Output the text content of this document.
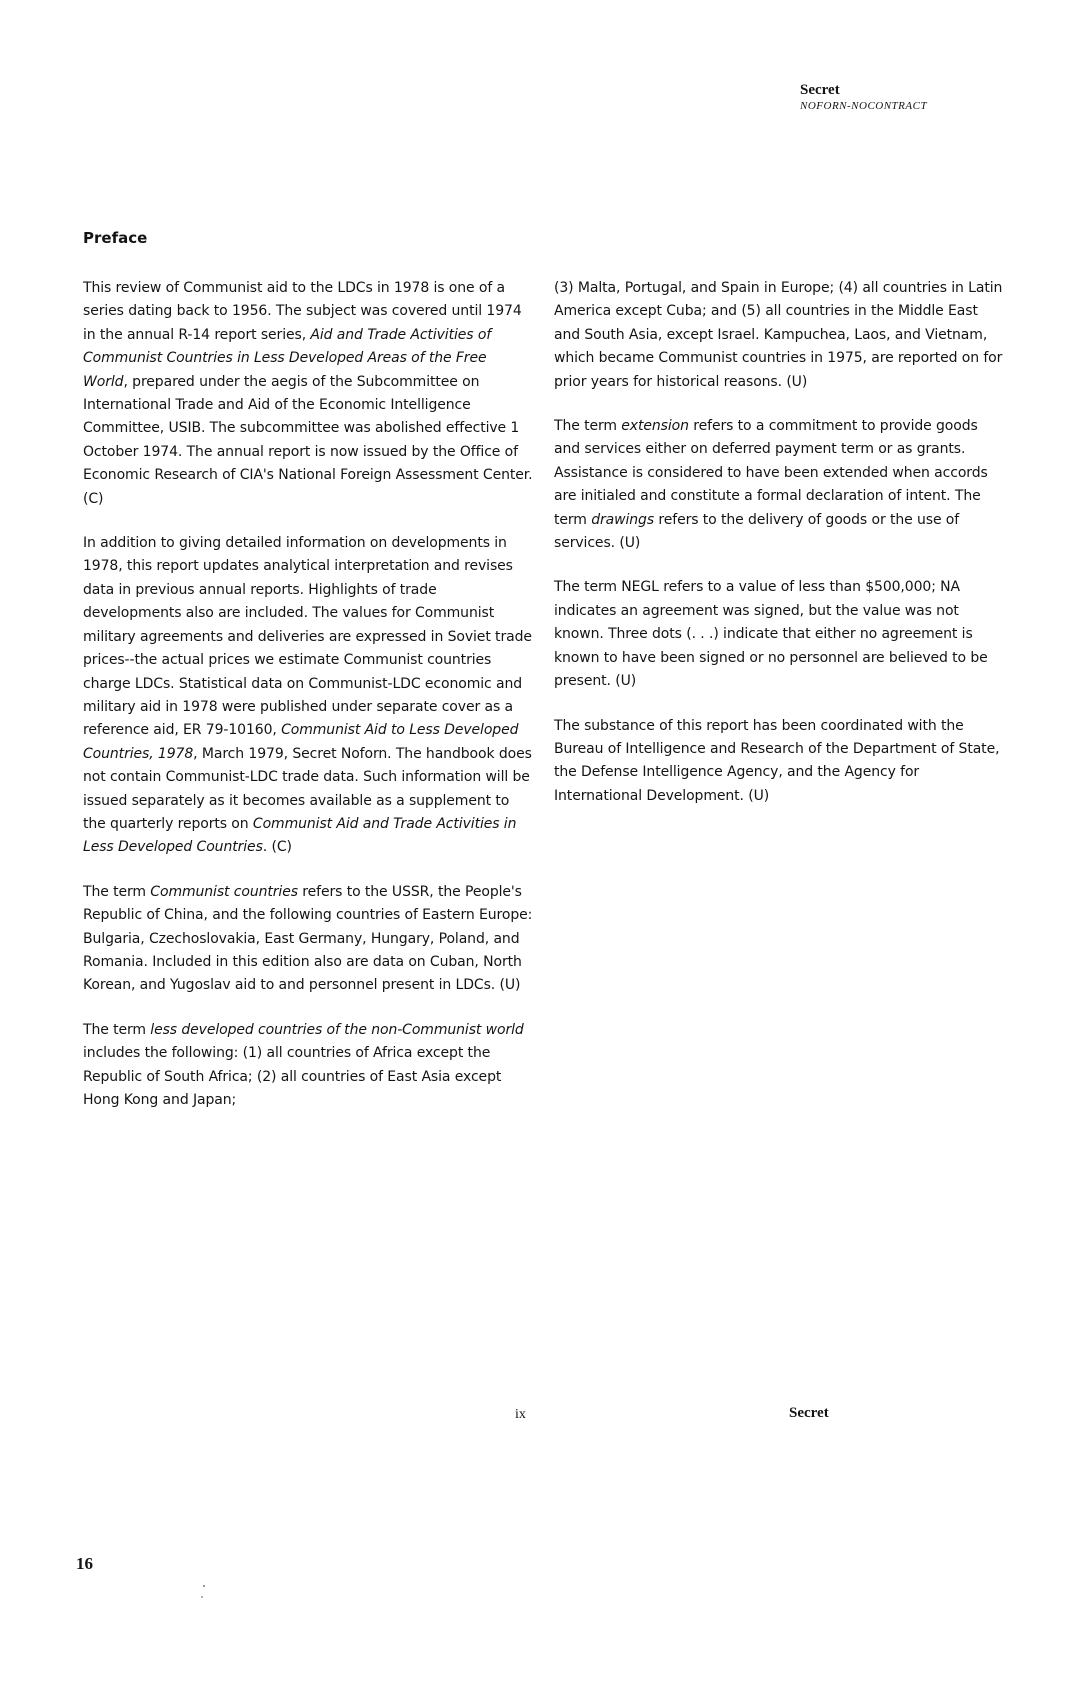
Secret
NOFORN-NOCONTRACT
Preface

This review of Communist aid to the LDCs in 1978 is one of a series dating back to 1956. The subject was covered until 1974 in the annual R-14 report series, Aid and Trade Activities of Communist Countries in Less Developed Areas of the Free World, prepared under the aegis of the Subcommittee on International Trade and Aid of the Economic Intelligence Committee, USIB. The subcommittee was abolished effective 1 October 1974. The annual report is now issued by the Office of Economic Research of CIA's National Foreign Assessment Center. (C)

In addition to giving detailed information on developments in 1978, this report updates analytical interpretation and revises data in previous annual reports. Highlights of trade developments also are included. The values for Communist military agreements and deliveries are expressed in Soviet trade prices--the actual prices we estimate Communist countries charge LDCs. Statistical data on Communist-LDC economic and military aid in 1978 were published under separate cover as a reference aid, ER 79-10160, Communist Aid to Less Developed Countries, 1978, March 1979, Secret Noforn. The handbook does not contain Communist-LDC trade data. Such information will be issued separately as it becomes available as a supplement to the quarterly reports on Communist Aid and Trade Activities in Less Developed Countries. (C)

The term Communist countries refers to the USSR, the People's Republic of China, and the following countries of Eastern Europe: Bulgaria, Czechoslovakia, East Germany, Hungary, Poland, and Romania. Included in this edition also are data on Cuban, North Korean, and Yugoslav aid to and personnel present in LDCs. (U)

The term less developed countries of the non-Communist world includes the following: (1) all countries of Africa except the Republic of South Africa; (2) all countries of East Asia except Hong Kong and Japan;

(3) Malta, Portugal, and Spain in Europe; (4) all countries in Latin America except Cuba; and (5) all countries in the Middle East and South Asia, except Israel. Kampuchea, Laos, and Vietnam, which became Communist countries in 1975, are reported on for prior years for historical reasons. (U)

The term extension refers to a commitment to provide goods and services either on deferred payment term or as grants. Assistance is considered to have been extended when accords are initialed and constitute a formal declaration of intent. The term drawings refers to the delivery of goods or the use of services. (U)

The term NEGL refers to a value of less than $500,000; NA indicates an agreement was signed, but the value was not known. Three dots (. . .) indicate that either no agreement is known to have been signed or no personnel are believed to be present. (U)

The substance of this report has been coordinated with the Bureau of Intelligence and Research of the Department of State, the Defense Intelligence Agency, and the Agency for International Development. (U)

ix	Secret
16
